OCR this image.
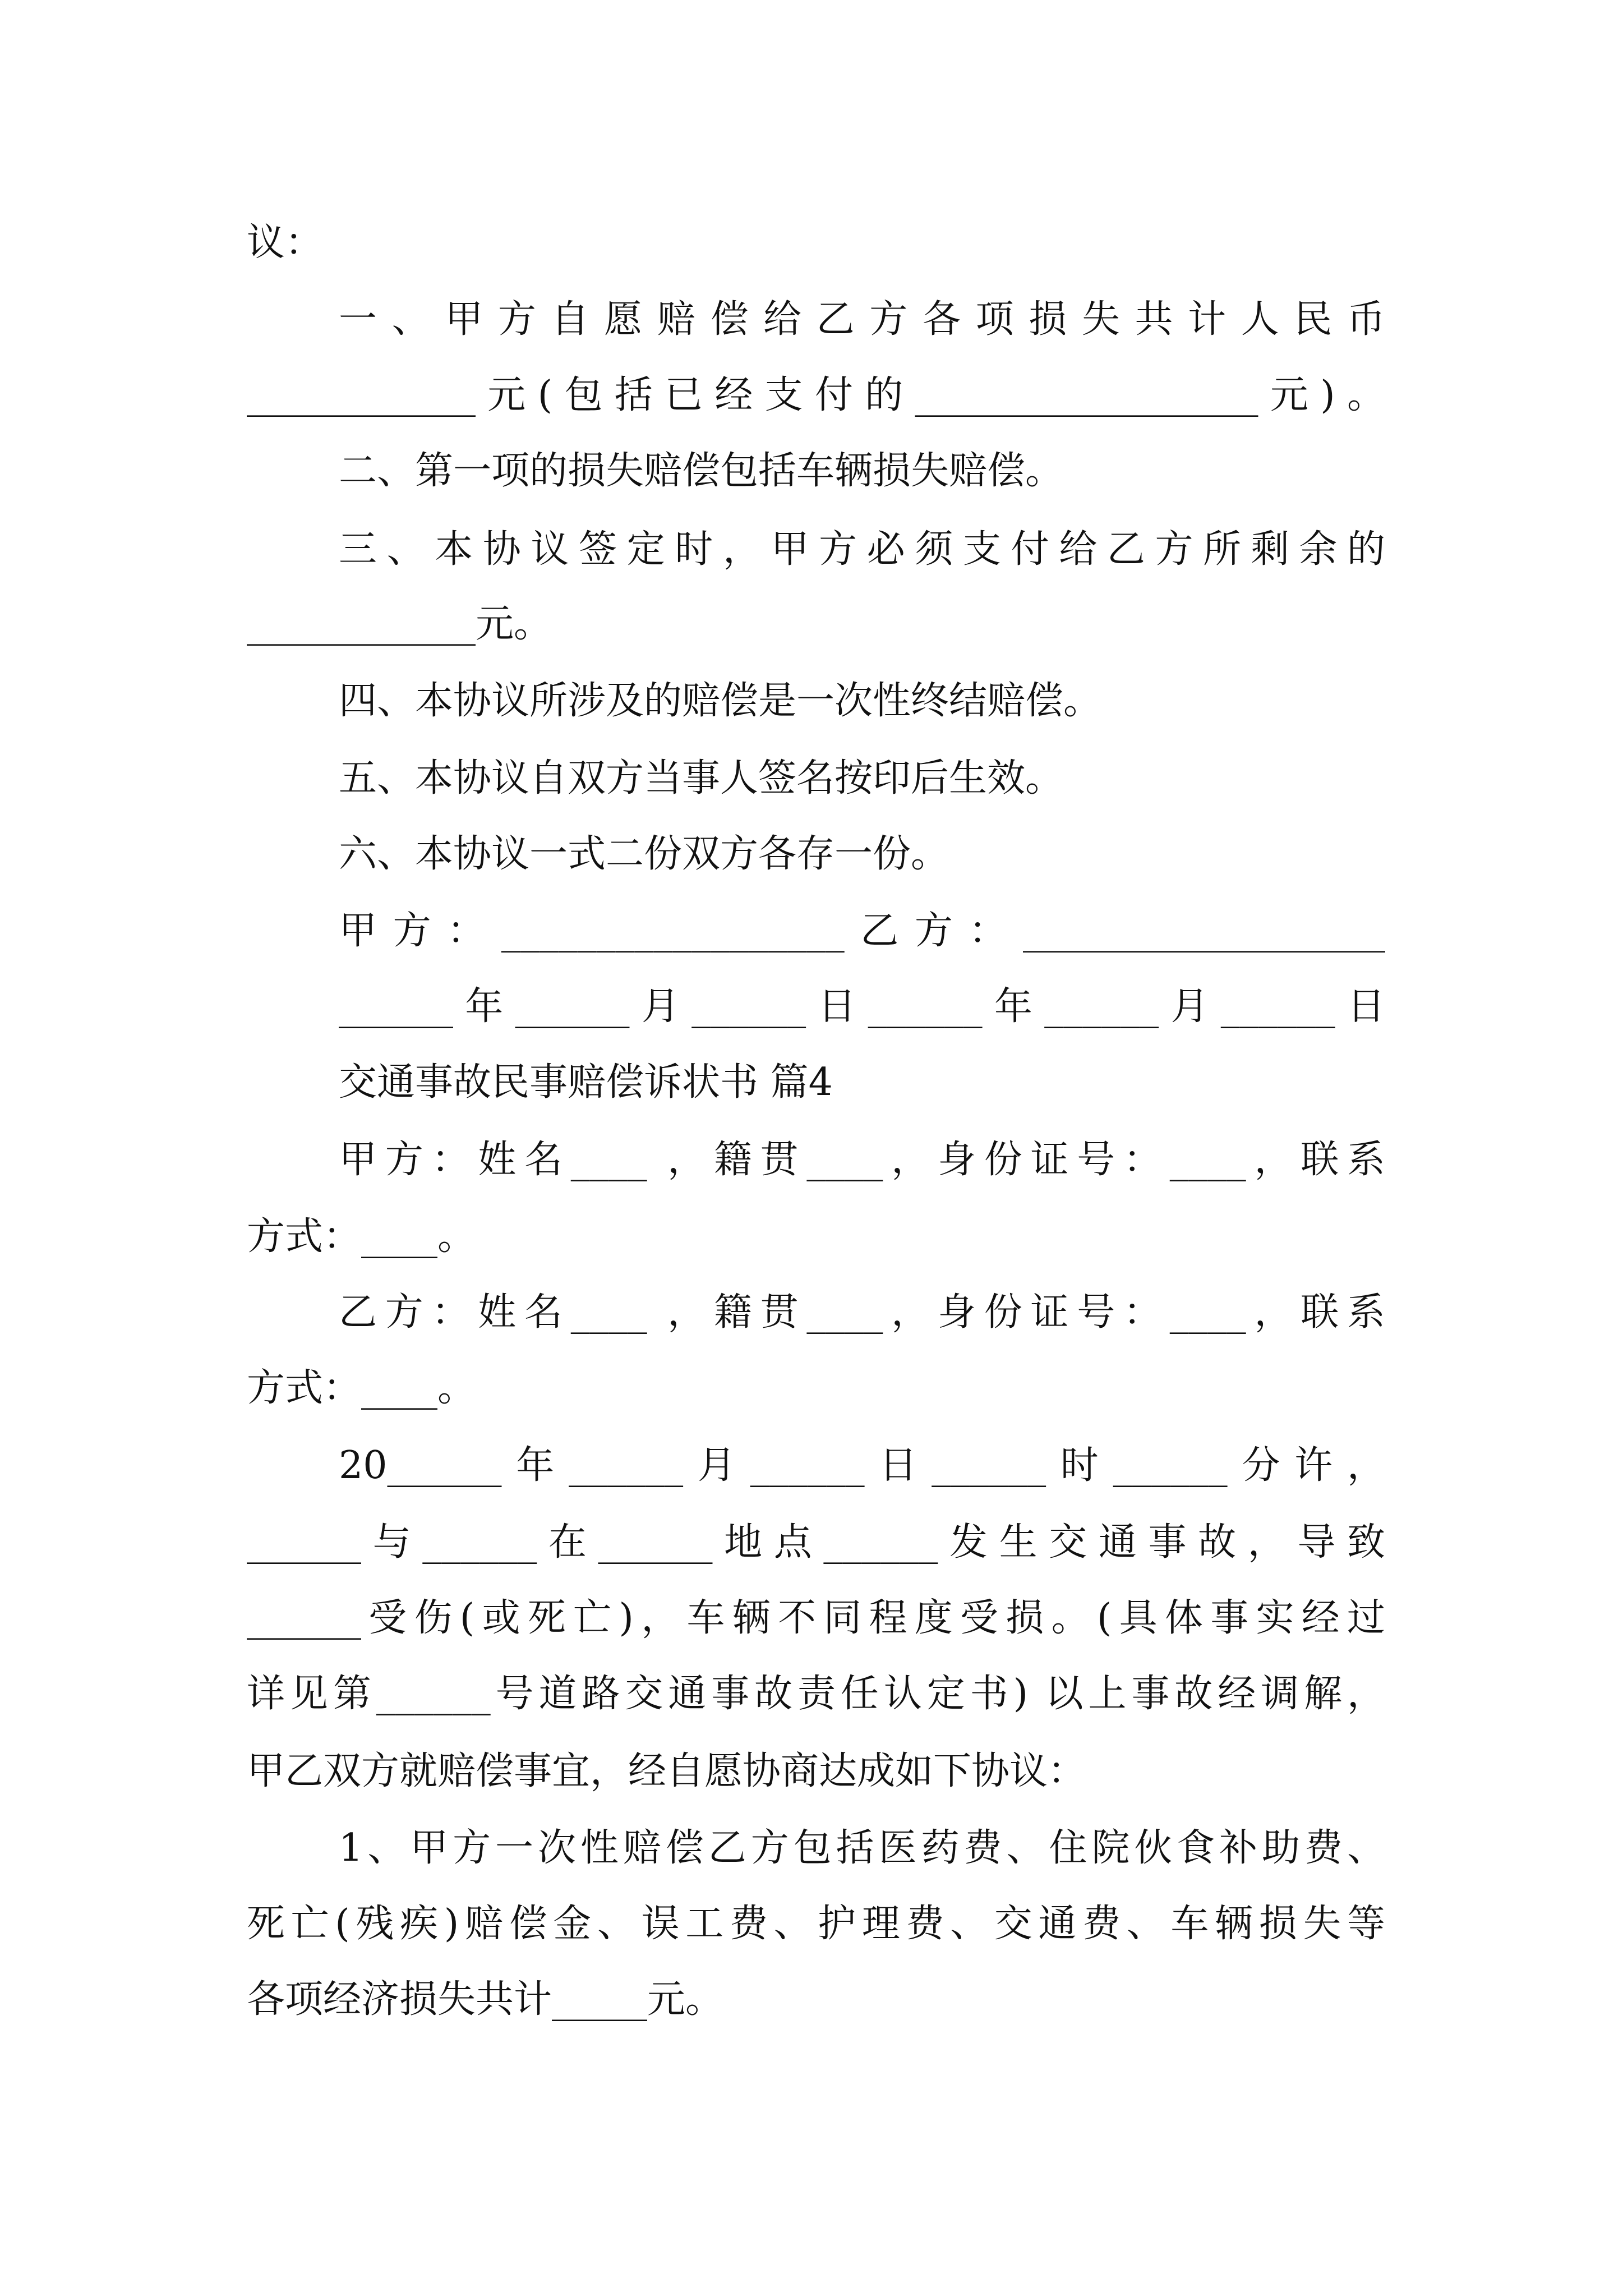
议：
一、甲方自愿赔偿给乙方各项损失共计人民币
____________元(包括已经支付的__________________元)。
二、第一项的损失赔偿包括车辆损失赔偿。
三、本协议签定时，甲方必须支付给乙方所剩余的
____________元。
四、本协议所涉及的赔偿是一次性终结赔偿。
五、本协议自双方当事人签名按印后生效。
六、本协议一式二份双方各存一份。
甲方：__________________乙方：___________________
______年______月______日______年______月______日
交通事故民事赔偿诉状书 篇4
甲方：姓名____ ，籍贯____，身份证号：____，联系
方式：____。
乙方：姓名____ ，籍贯____，身份证号：____，联系
方式：____。
20______年______月______日______时______分许，
______与______在______地点______发生交通事故，导致
______受伤(或死亡)，车辆不同程度受损。(具体事实经过
详见第______号道路交通事故责任认定书) 以上事故经调解，
甲乙双方就赔偿事宜，经自愿协商达成如下协议：
1、甲方一次性赔偿乙方包括医药费、住院伙食补助费、
死亡(残疾)赔偿金、误工费、护理费、交通费、车辆损失等
各项经济损失共计_____元。
